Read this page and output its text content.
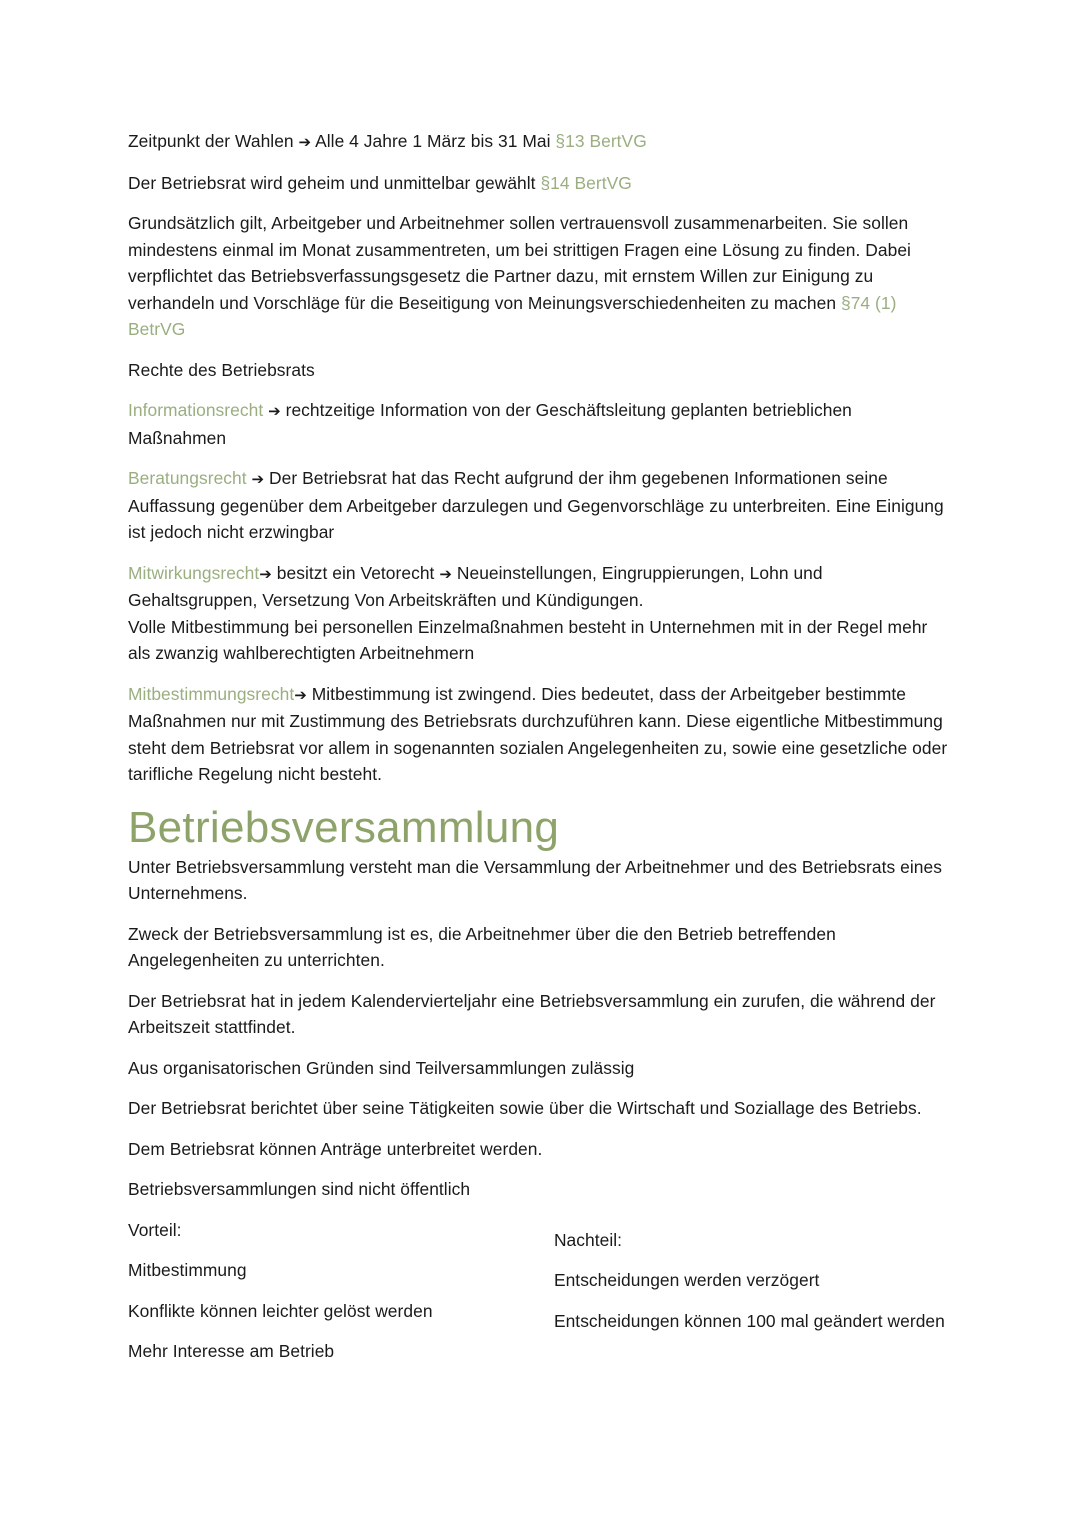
Zeitpunkt der Wahlen ➔ Alle 4 Jahre 1 März bis 31 Mai §13 BertVG

Der Betriebsrat wird geheim und unmittelbar gewählt §14 BertVG

Grundsätzlich gilt, Arbeitgeber und Arbeitnehmer sollen vertrauensvoll zusammenarbeiten. Sie sollen mindestens einmal im Monat zusammentreten, um bei strittigen Fragen eine Lösung zu finden. Dabei verpflichtet das Betriebsverfassungsgesetz die Partner dazu, mit ernstem Willen zur Einigung zu verhandeln und Vorschläge für die Beseitigung von Meinungsverschiedenheiten zu machen §74 (1) BetrVG

Rechte des Betriebsrats

Informationsrecht ➔ rechtzeitige Information von der Geschäftsleitung geplanten betrieblichen Maßnahmen

Beratungsrecht ➔ Der Betriebsrat hat das Recht aufgrund der ihm gegebenen Informationen seine Auffassung gegenüber dem Arbeitgeber darzulegen und Gegenvorschläge zu unterbreiten. Eine Einigung ist jedoch nicht erzwingbar

Mitwirkungsrecht➔ besitzt ein Vetorecht ➔ Neueinstellungen, Eingruppierungen, Lohn und Gehaltsgruppen, Versetzung Von Arbeitskräften und Kündigungen.
Volle Mitbestimmung bei personellen Einzelmaßnahmen besteht in Unternehmen mit in der Regel mehr als zwanzig wahlberechtigten Arbeitnehmern

Mitbestimmungsrecht➔ Mitbestimmung ist zwingend. Dies bedeutet, dass der Arbeitgeber bestimmte Maßnahmen nur mit Zustimmung des Betriebsrats durchzuführen kann. Diese eigentliche Mitbestimmung steht dem Betriebsrat vor allem in sogenannten sozialen Angelegenheiten zu, sowie eine gesetzliche oder tarifliche Regelung nicht besteht.

Betriebsversammlung

Unter Betriebsversammlung versteht man die Versammlung der Arbeitnehmer und des Betriebsrats eines Unternehmens.

Zweck der Betriebsversammlung ist es, die Arbeitnehmer über die den Betrieb betreffenden Angelegenheiten zu unterrichten.

Der Betriebsrat hat in jedem Kalendervierteljahr eine Betriebsversammlung ein zurufen, die während der Arbeitszeit stattfindet.

Aus organisatorischen Gründen sind Teilversammlungen zulässig

Der Betriebsrat berichtet über seine Tätigkeiten sowie über die Wirtschaft und Soziallage des Betriebs.

Dem Betriebsrat können Anträge unterbreitet werden.

Betriebsversammlungen sind nicht öffentlich

Vorteil:

Mitbestimmung

Konflikte können leichter gelöst werden

Mehr Interesse am Betrieb

Nachteil:

Entscheidungen werden verzögert

Entscheidungen können 100 mal geändert werden
